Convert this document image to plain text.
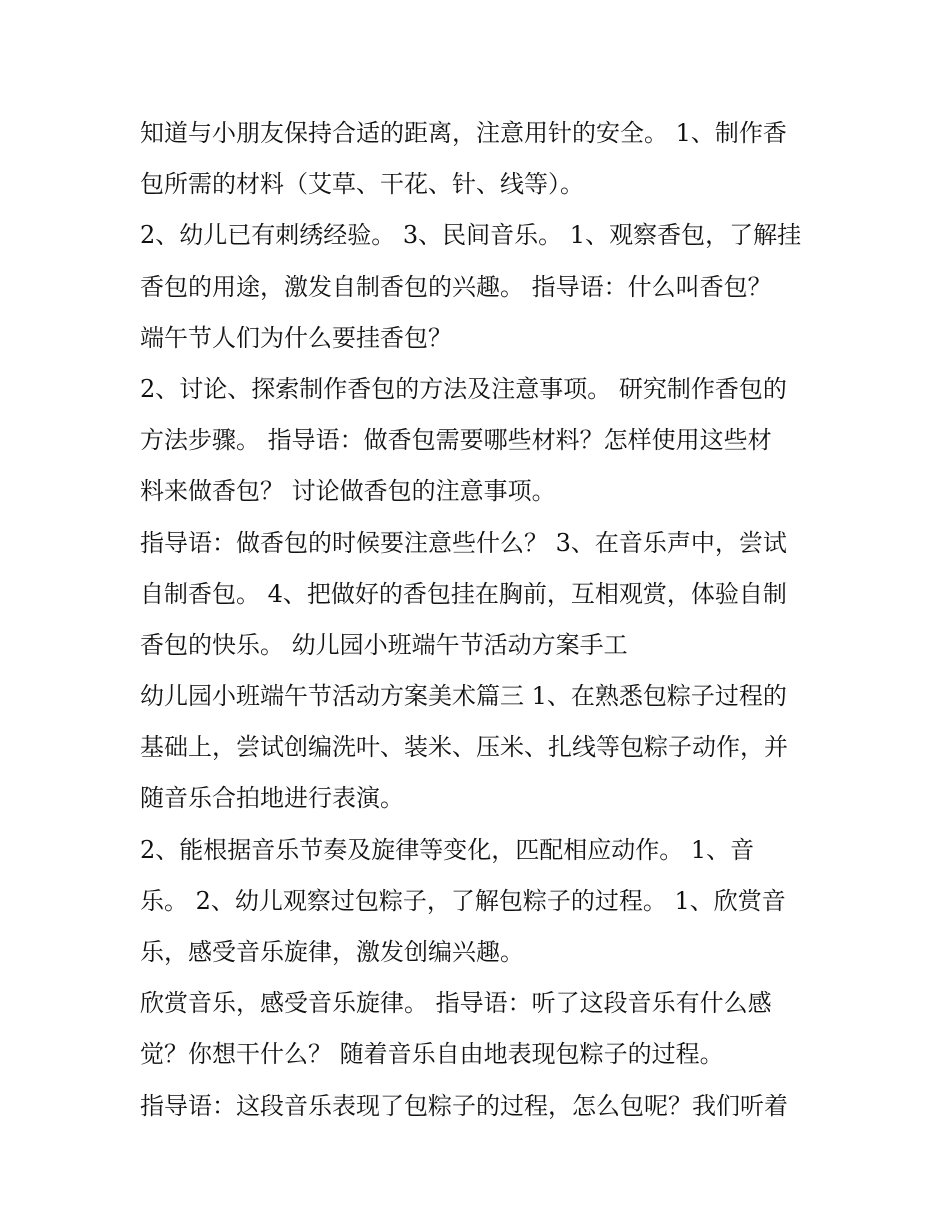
知道与小朋友保持合适的距离，注意用针的安全。 1、制作香
包所需的材料（艾草、干花、针、线等）。
2、幼儿已有刺绣经验。 3、民间音乐。 1、观察香包，了解挂
香包的用途，激发自制香包的兴趣。 指导语：什么叫香包？
端午节人们为什么要挂香包？
2、讨论、探索制作香包的方法及注意事项。 研究制作香包的
方法步骤。 指导语：做香包需要哪些材料？怎样使用这些材
料来做香包？ 讨论做香包的注意事项。
指导语：做香包的时候要注意些什么？ 3、在音乐声中，尝试
自制香包。 4、把做好的香包挂在胸前，互相观赏，体验自制
香包的快乐。 幼儿园小班端午节活动方案手工
幼儿园小班端午节活动方案美术篇三 1、在熟悉包粽子过程的
基础上，尝试创编洗叶、装米、压米、扎线等包粽子动作，并
随音乐合拍地进行表演。
2、能根据音乐节奏及旋律等变化，匹配相应动作。 1、音
乐。 2、幼儿观察过包粽子，了解包粽子的过程。 1、欣赏音
乐，感受音乐旋律，激发创编兴趣。
欣赏音乐，感受音乐旋律。 指导语：听了这段音乐有什么感
觉？你想干什么？ 随着音乐自由地表现包粽子的过程。
指导语：这段音乐表现了包粽子的过程，怎么包呢？我们听着
